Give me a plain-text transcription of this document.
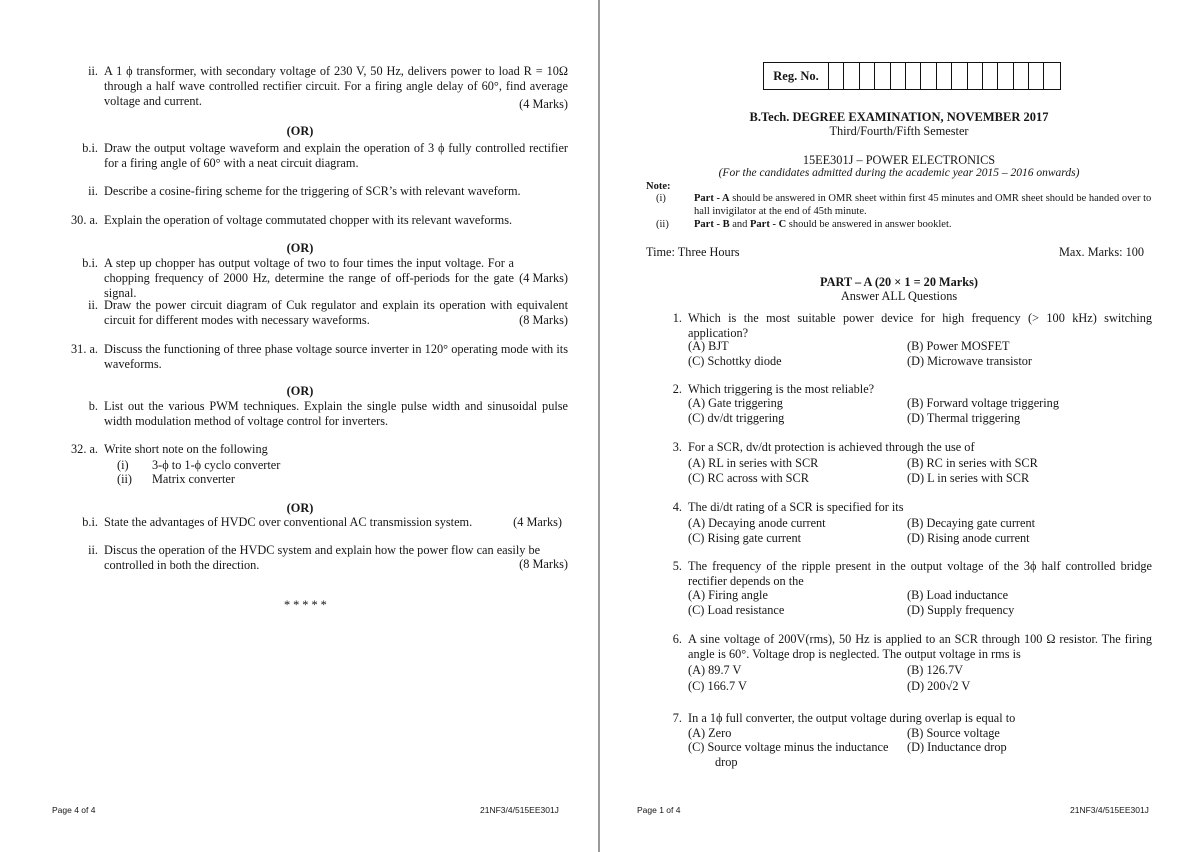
ii. A 1 ϕ transformer, with secondary voltage of 230 V, 50 Hz, delivers power to load R = 10Ω through a half wave controlled rectifier circuit. For a firing angle delay of 60°, find average voltage and current.	(4 Marks)
(OR)
b.i. Draw the output voltage waveform and explain the operation of 3 ϕ fully controlled rectifier for a firing angle of 60° with a neat circuit diagram.
ii. Describe a cosine-firing scheme for the triggering of SCR’s with relevant waveform.
30. a. Explain the operation of voltage commutated chopper with its relevant waveforms.
(OR)
b.i. A step up chopper has output voltage of two to four times the input voltage. For a chopping frequency of 2000 Hz, determine the range of off-periods for the gate signal.
(4 Marks)
ii. Draw the power circuit diagram of Cuk regulator and explain its operation with equivalent circuit for different modes with necessary waveforms.	(8 Marks)
31. a. Discuss the functioning of three phase voltage source inverter in 120° operating mode with its waveforms.
(OR)
b. List out the various PWM techniques. Explain the single pulse width and sinusoidal pulse width modulation method of voltage control for inverters.
32. a. Write short note on the following
(i) 3-ϕ to 1-ϕ cyclo converter
(ii) Matrix converter
(OR)
b.i. State the advantages of HVDC over conventional AC transmission system.	(4 Marks)
ii. Discus the operation of the HVDC system and explain how the power flow can easily be controlled in both the direction.	(8 Marks)
*****
Page 4 of 4	21NF3/4/515EE301J
Reg. No.
B.Tech. DEGREE EXAMINATION, NOVEMBER 2017
Third/Fourth/Fifth Semester
15EE301J – POWER ELECTRONICS
(For the candidates admitted during the academic year 2015 – 2016 onwards)
Note:
(i)	Part - A should be answered in OMR sheet within first 45 minutes and OMR sheet should be handed over to hall invigilator at the end of 45th minute.
(ii) Part - B and Part - C should be answered in answer booklet.
Time: Three Hours	Max. Marks: 100
PART – A (20 × 1 = 20 Marks)
Answer ALL Questions
1. Which is the most suitable power device for high frequency (> 100 kHz) switching application?
(A) BJT	(B) Power MOSFET
(C) Schottky diode	(D) Microwave transistor
2. Which triggering is the most reliable?
(A) Gate triggering	(B) Forward voltage triggering
(C) dv/dt triggering	(D) Thermal triggering
3. For a SCR, dv/dt protection is achieved through the use of
(A) RL in series with SCR	(B) RC in series with SCR
(C) RC across with SCR	(D) L in series with SCR
4. The di/dt rating of a SCR is specified for its
(A) Decaying anode current	(B) Decaying gate current
(C) Rising gate current	(D) Rising anode current
5. The frequency of the ripple present in the output voltage of the 3ϕ half controlled bridge rectifier depends on the
(A) Firing angle	(B) Load inductance
(C) Load resistance	(D) Supply frequency
6. A sine voltage of 200V(rms), 50 Hz is applied to an SCR through 100 Ω resistor. The firing angle is 60°. Voltage drop is neglected. The output voltage in rms is
(A) 89.7 V	(B) 126.7V
(C) 166.7 V	(D) 200√2 V
7. In a 1ϕ full converter, the output voltage during overlap is equal to
(A) Zero	(B) Source voltage
(C) Source voltage minus the inductance drop
(D) Inductance drop
Page 1 of 4	21NF3/4/515EE301J
